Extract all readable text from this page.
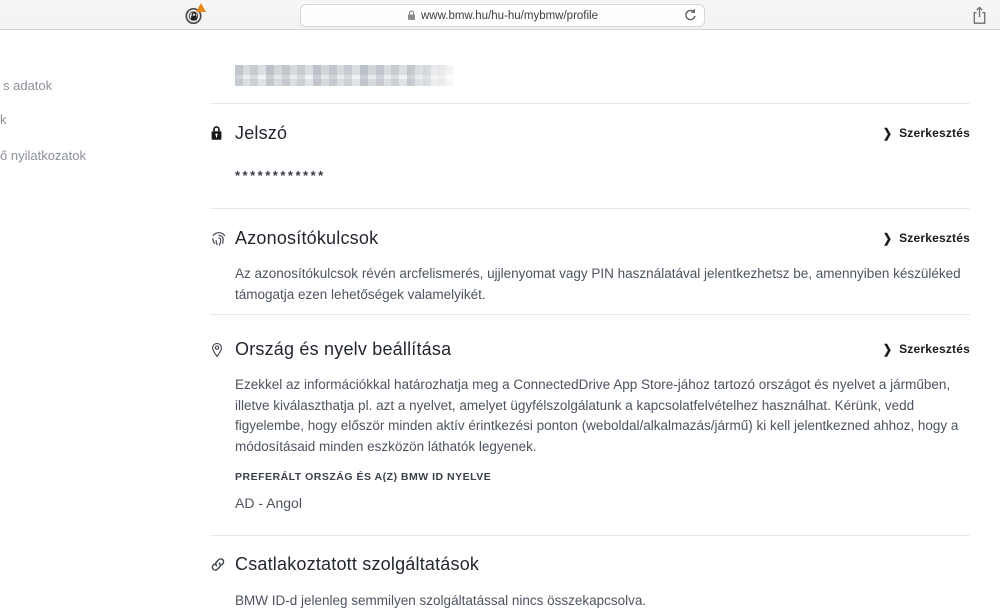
www.bmw.hu/hu-hu/mybmw/profile
s adatok
k
ő nyilatkozatok
Jelszó	❯ Szerkesztés
************
Azonosítókulcsok	❯ Szerkesztés
Az azonosítókulcsok révén arcfelismerés, ujjlenyomat vagy PIN használatával jelentkezhetsz be, amennyiben készüléked támogatja ezen lehetőségek valamelyikét.
Ország és nyelv beállítása	❯ Szerkesztés
Ezekkel az információkkal határozhatja meg a ConnectedDrive App Store-jához tartozó országot és nyelvet a járműben, illetve kiválaszthatja pl. azt a nyelvet, amelyet ügyfélszolgálatunk a kapcsolatfelvételhez használhat. Kérünk, vedd figyelembe, hogy először minden aktív érintkezési ponton (weboldal/alkalmazás/jármű) ki kell jelentkezned ahhoz, hogy a módosításaid minden eszközön láthatók legyenek.
PREFERÁLT ORSZÁG ÉS A(Z) BMW ID NYELVE
AD - Angol
Csatlakoztatott szolgáltatások
BMW ID-d jelenleg semmilyen szolgáltatással nincs összekapcsolva.
